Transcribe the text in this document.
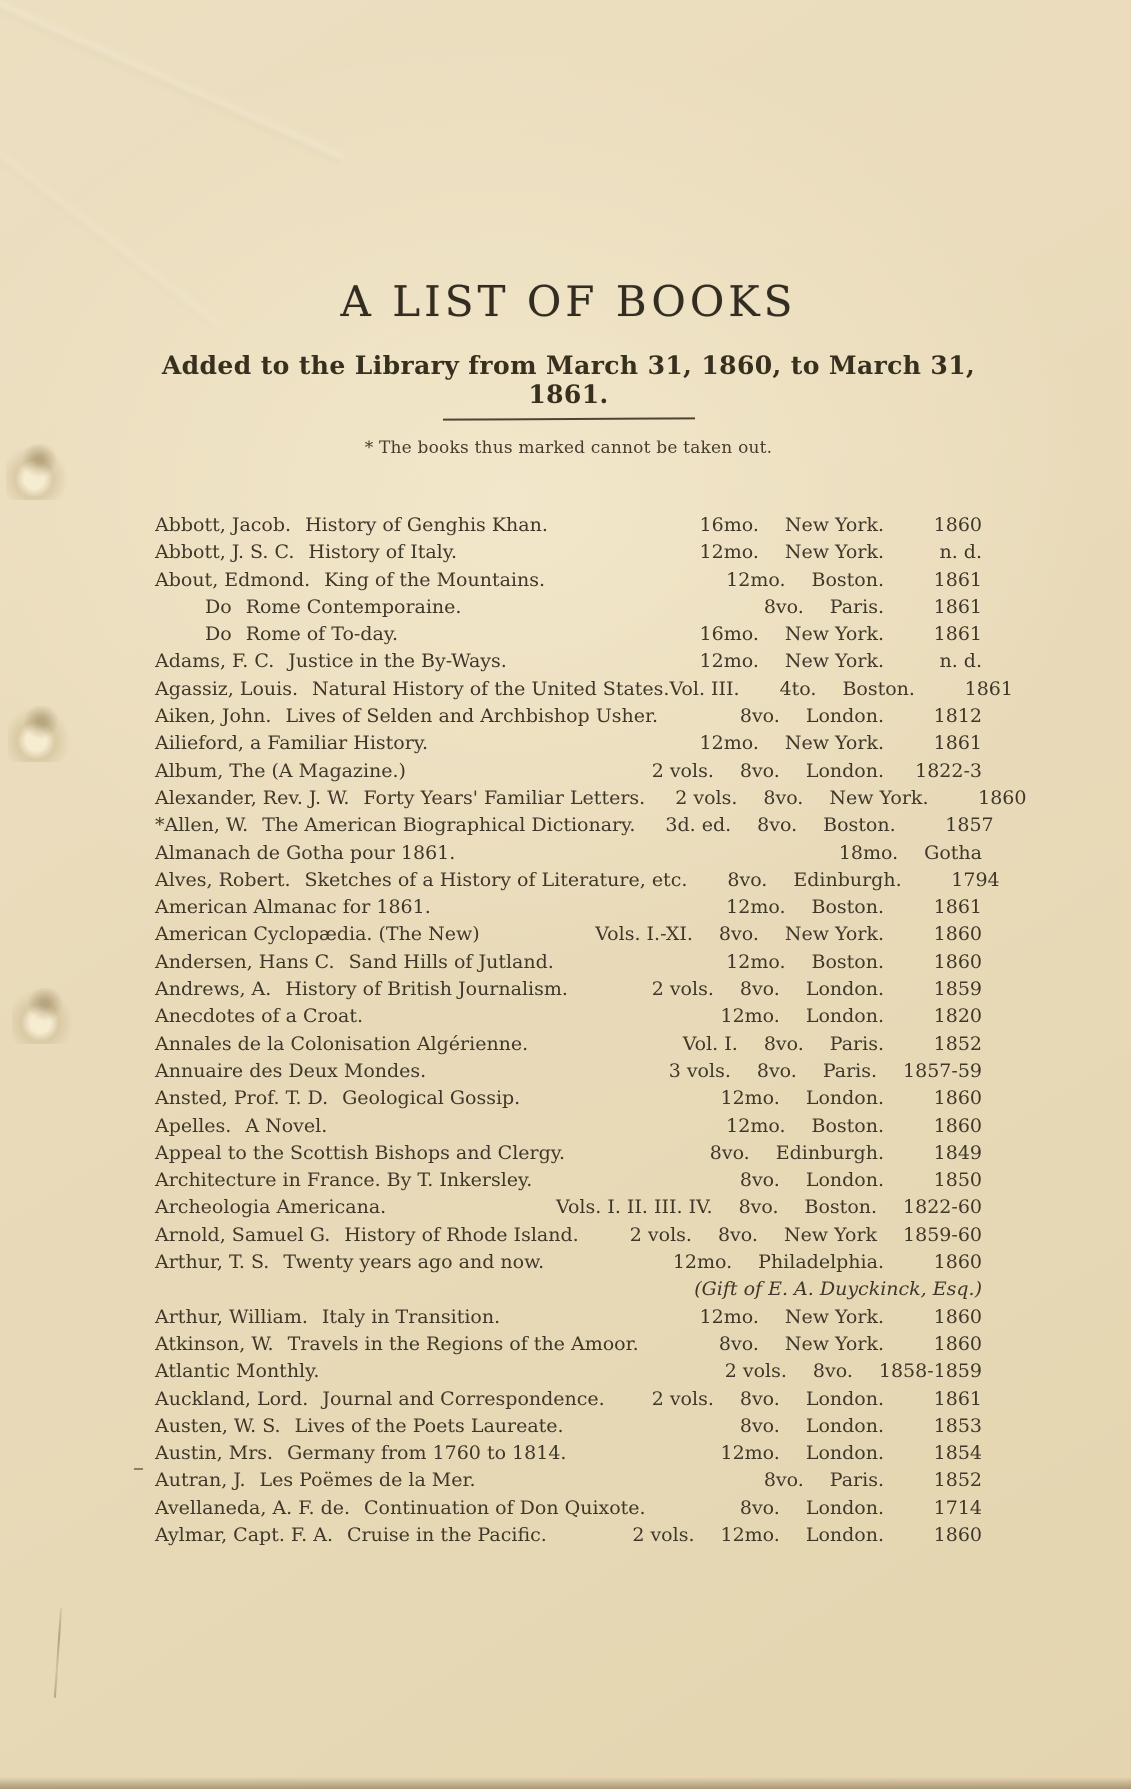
A LIST OF BOOKS
Added to the Library from March 31, 1860, to March 31, 1861.
* The books thus marked cannot be taken out.
Abbott, Jacob. History of Genghis Khan.	16mo. New York.	1860
Abbott, J. S. C. History of Italy.	12mo. New York.	n. d.
About, Edmond. King of the Mountains.	12mo. Boston.	1861
Do Rome Contemporaine.	8vo. Paris.	1861
Do Rome of To-day.	16mo. New York.	1861
Adams, F. C. Justice in the By-Ways.	12mo. New York.	n. d.
Agassiz, Louis. Natural History of the United States.Vol. III. 4to. Boston.	1861
Aiken, John. Lives of Selden and Archbishop Usher.	8vo. London.	1812
Ailieford, a Familiar History.	12mo. New York.	1861
Album, The (A Magazine.)	2 vols. 8vo. London. 1822-3
Alexander, Rev. J. W. Forty Years' Familiar Letters. 2 vols. 8vo. New York.	1860
*Allen, W. The American Biographical Dictionary. 3d. ed. 8vo. Boston.	1857
Almanach de Gotha pour 1861.	18mo. Gotha
Alves, Robert. Sketches of a History of Literature, etc. 8vo. Edinburgh.	1794
American Almanac for 1861.	12mo. Boston.	1861
American Cyclopædia. (The New)	Vols. I.-XI. 8vo. New York.	1860
Andersen, Hans C. Sand Hills of Jutland.	12mo. Boston.	1860
Andrews, A. History of British Journalism.	2 vols. 8vo. London.	1859
Anecdotes of a Croat.	12mo. London.	1820
Annales de la Colonisation Algérienne.	Vol. I. 8vo. Paris.	1852
Annuaire des Deux Mondes.	3 vols. 8vo. Paris. 1857-59
Ansted, Prof. T. D. Geological Gossip.	12mo. London.	1860
Apelles. A Novel.	12mo. Boston.	1860
Appeal to the Scottish Bishops and Clergy.	8vo. Edinburgh.	1849
Architecture in France. By T. Inkersley.	8vo. London.	1850
Archeologia Americana.	Vols. I. II. III. IV. 8vo. Boston. 1822-60
Arnold, Samuel G. History of Rhode Island.	2 vols. 8vo. New York 1859-60
Arthur, T. S. Twenty years ago and now.	12mo. Philadelphia.	1860
(Gift of E. A. Duyckinck, Esq.)
Arthur, William. Italy in Transition.	12mo. New York.	1860
Atkinson, W. Travels in the Regions of the Amoor.	8vo. New York.	1860
Atlantic Monthly.	2 vols. 8vo. 1858-1859
Auckland, Lord. Journal and Correspondence. 2 vols. 8vo. London.	1861
Austen, W. S. Lives of the Poets Laureate.	8vo. London.	1853
Austin, Mrs. Germany from 1760 to 1814.	12mo. London.	1854
Autran, J. Les Poëmes de la Mer.	8vo. Paris.	1852
Avellaneda, A. F. de. Continuation of Don Quixote.	8vo. London.	1714
Aylmar, Capt. F. A. Cruise in the Pacific.	2 vols. 12mo. London.	1860
